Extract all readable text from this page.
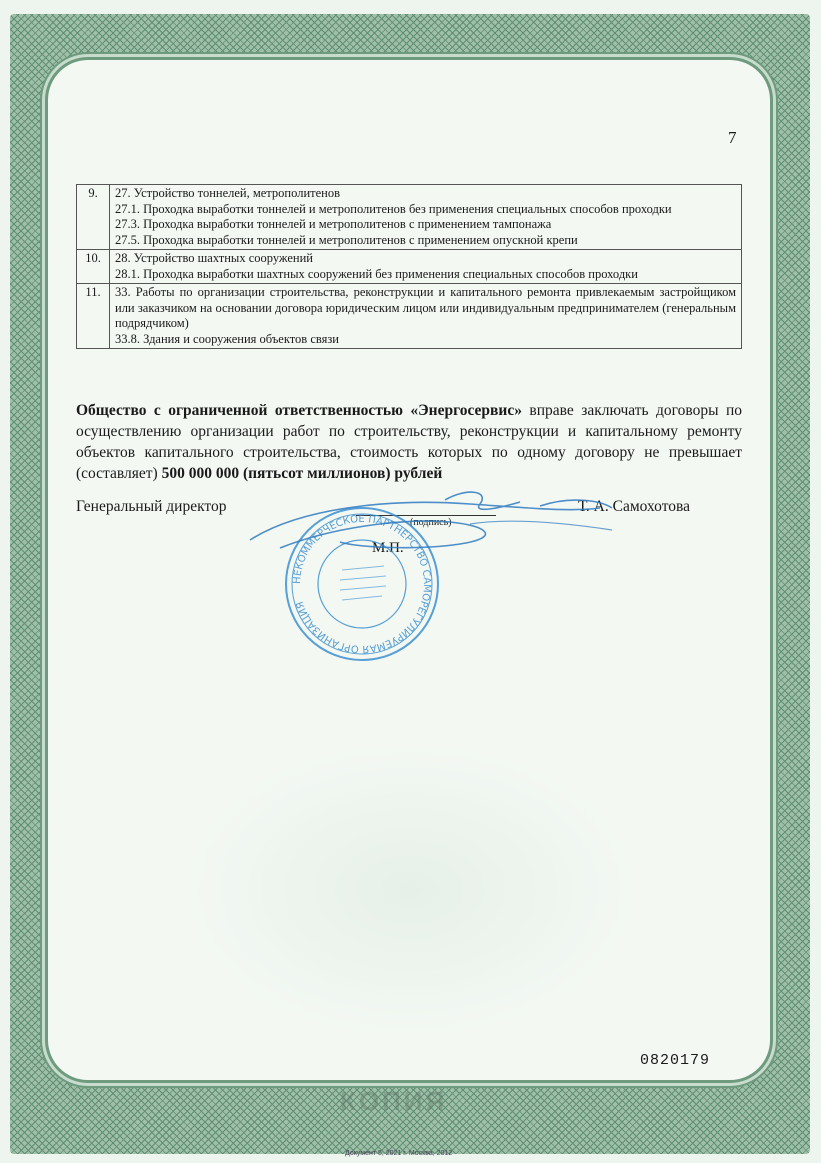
7
9.	27. Устройство тоннелей, метрополитенов
27.1. Проходка выработки тоннелей и метрополитенов без применения специальных способов проходки
27.3. Проходка выработки тоннелей и метрополитенов с применением тампонажа
27.5. Проходка выработки тоннелей и метрополитенов с применением опускной крепи

10.	28. Устройство шахтных сооружений
28.1. Проходка выработки шахтных сооружений без применения специальных способов проходки

11.	33. Работы по организации строительства, реконструкции и капитального ремонта привлекаемым застройщиком или заказчиком на основании договора юридическим лицом или индивидуальным предпринимателем (генеральным подрядчиком)
33.8. Здания и сооружения объектов связи
Общество с ограниченной ответственностью «Энергосервис» вправе заключать договоры по осуществлению организации работ по строительству, реконструкции и капитальному ремонту объектов капитального строительства, стоимость которых по одному договору не превышает (составляет) 500 000 000 (пятьсот миллионов) рублей
Генеральный директор
(подпись)
Т. А. Самохотова
М.П.
НЕКОММЕРЧЕСКОЕ ПАРТНЕРСТВО САМОРЕГУЛИРУЕМАЯ ОРГАНИЗАЦИЯ
0820179
КОПИЯ
Документ 5, 2021 г. Москва, 2012
